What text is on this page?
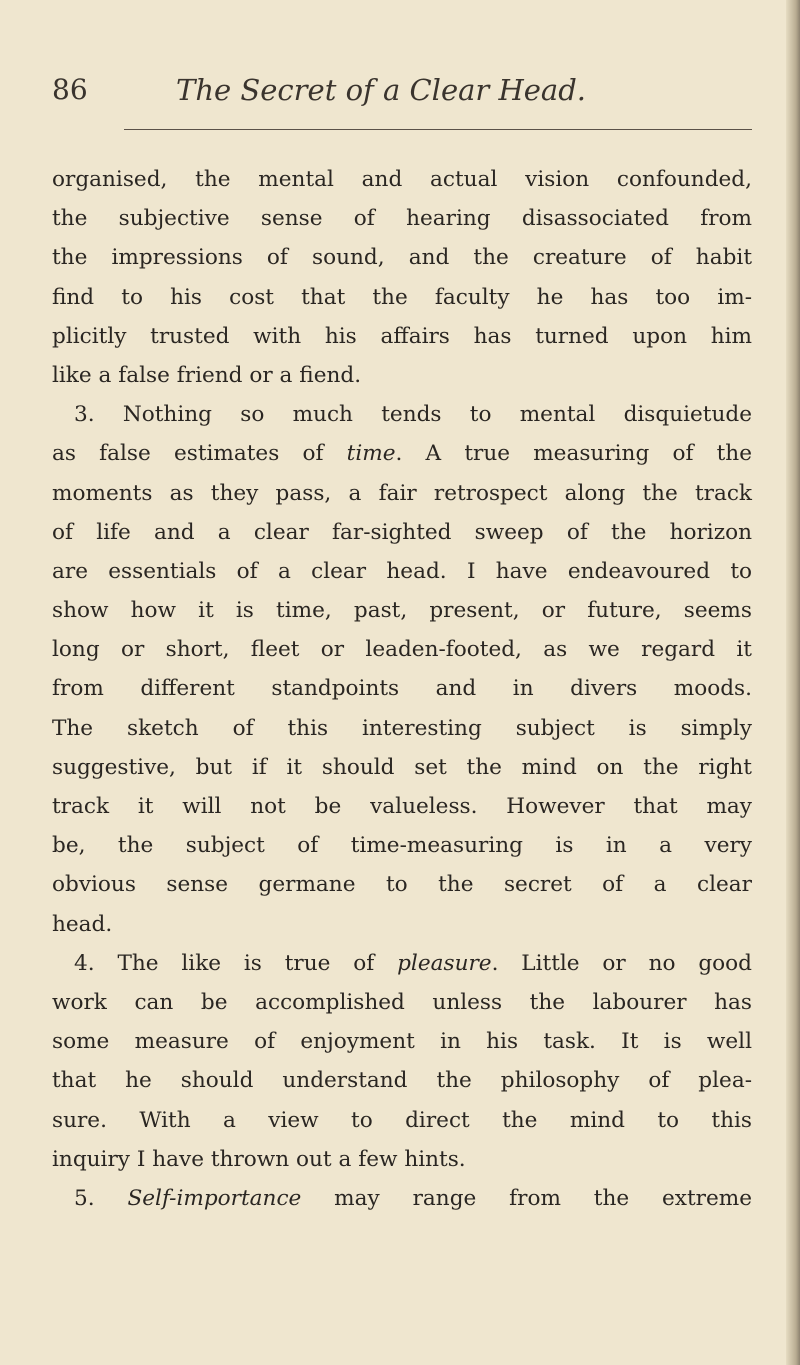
86	The Secret of a Clear Head.
organised, the mental and actual vision confounded,
the subjective sense of hearing disassociated from
the impressions of sound, and the creature of habit
find to his cost that the faculty he has too im-
plicitly trusted with his affairs has turned upon him
like a false friend or a fiend.
3. Nothing so much tends to mental disquietude
as false estimates of time. A true measuring of the
moments as they pass, a fair retrospect along the track
of life and a clear far-sighted sweep of the horizon
are essentials of a clear head. I have endeavoured to
show how it is time, past, present, or future, seems
long or short, fleet or leaden-footed, as we regard it
from different standpoints and in divers moods.
The sketch of this interesting subject is simply
suggestive, but if it should set the mind on the right
track it will not be valueless. However that may
be, the subject of time-measuring is in a very
obvious sense germane to the secret of a clear
head.
4. The like is true of pleasure. Little or no good
work can be accomplished unless the labourer has
some measure of enjoyment in his task. It is well
that he should understand the philosophy of plea-
sure. With a view to direct the mind to this
inquiry I have thrown out a few hints.
5. Self-importance may range from the extreme
